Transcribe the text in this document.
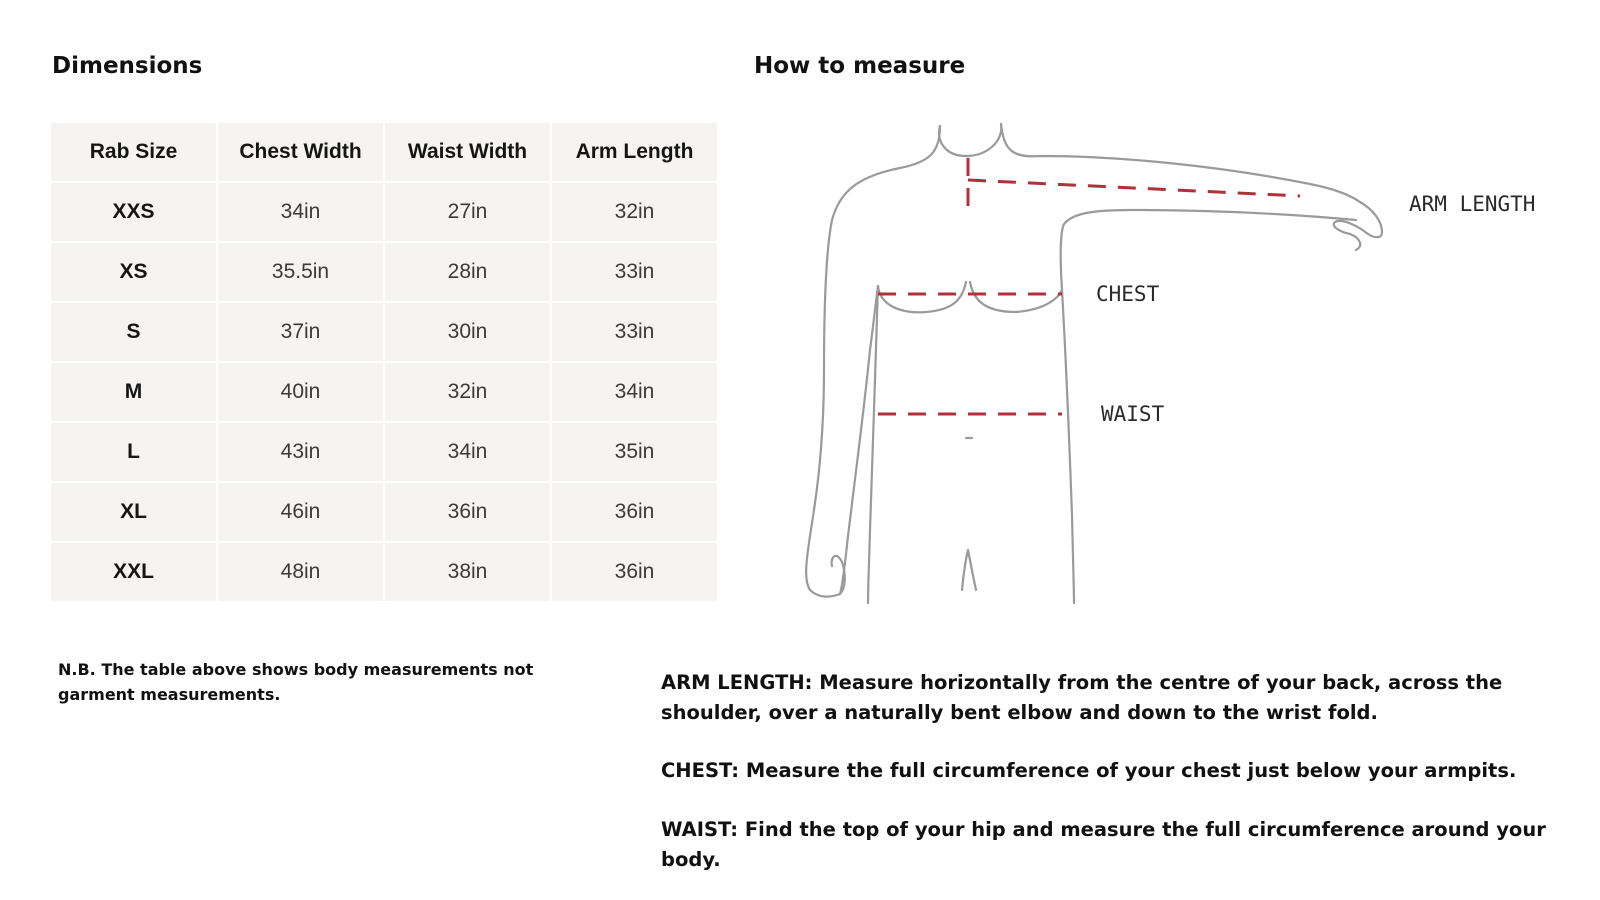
Dimensions
Rab Size	Chest Width	Waist Width	Arm Length
XXS	34in	27in	32in
XS	35.5in	28in	33in
S	37in	30in	33in
M	40in	32in	34in
L	43in	34in	35in
XL	46in	36in	36in
XXL	48in	38in	36in
N.B. The table above shows body measurements not garment measurements.
How to measure
ARM LENGTH
CHEST
WAIST
ARM LENGTH: Measure horizontally from the centre of your back, across the shoulder, over a naturally bent elbow and down to the wrist fold.
CHEST: Measure the full circumference of your chest just below your armpits.
WAIST: Find the top of your hip and measure the full circumference around your body.
